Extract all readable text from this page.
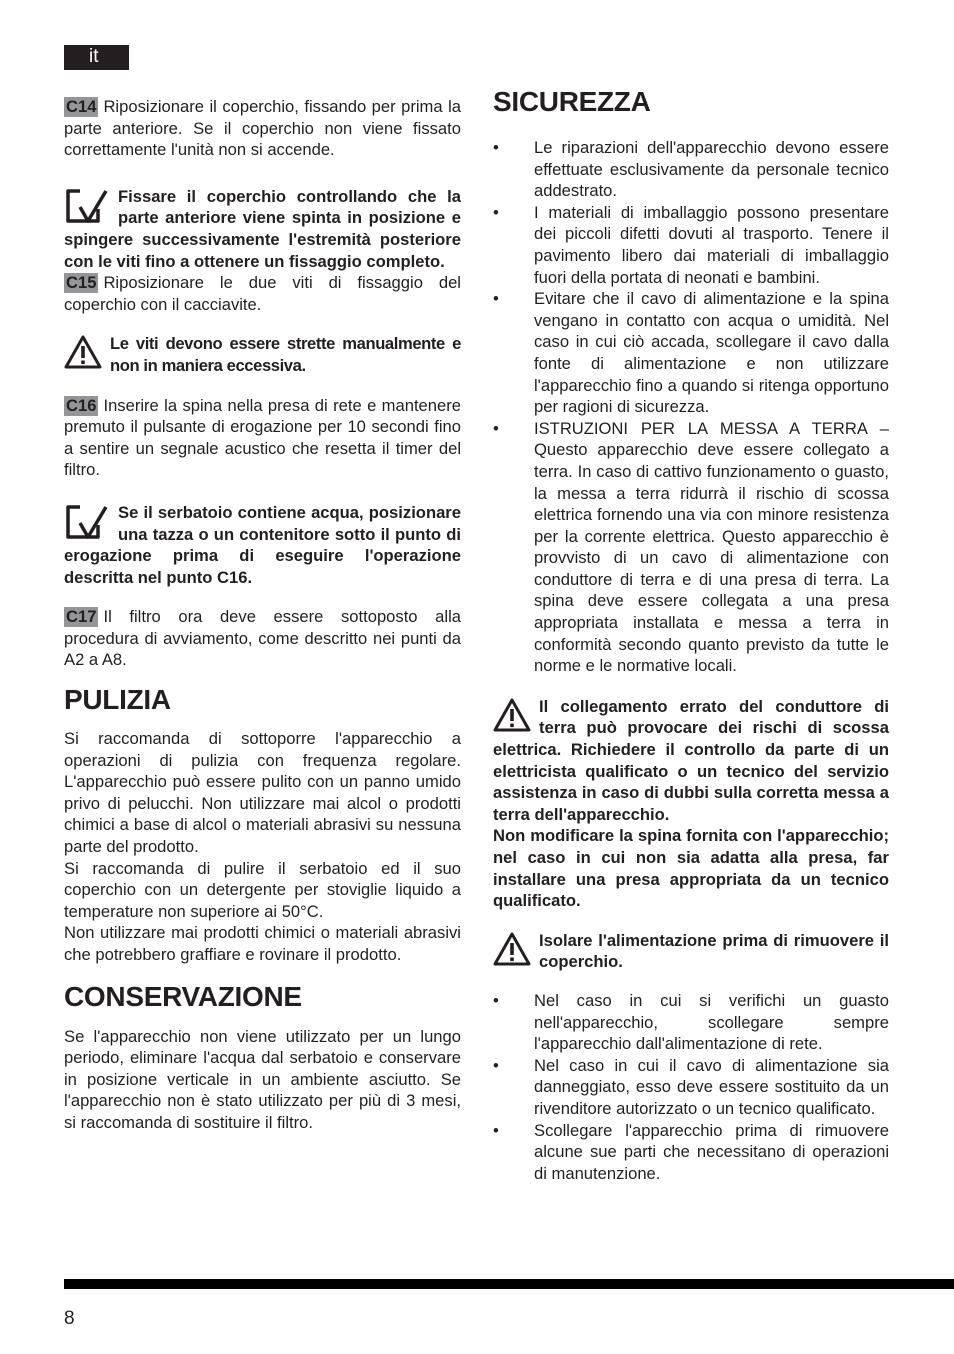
it

C14 Riposizionare il coperchio, fissando per prima la parte anteriore. Se il coperchio non viene fissato correttamente l'unità non si accende.

Fissare il coperchio controllando che la parte anteriore viene spinta in posizione e spingere successivamente l'estremità posteriore con le viti fino a ottenere un fissaggio completo.

C15 Riposizionare le due viti di fissaggio del coperchio con il cacciavite.

Le viti devono essere strette manualmente e non in maniera eccessiva.

C16 Inserire la spina nella presa di rete e mantenere premuto il pulsante di erogazione per 10 secondi fino a sentire un segnale acustico che resetta il timer del filtro.

Se il serbatoio contiene acqua, posizionare una tazza o un contenitore sotto il punto di erogazione prima di eseguire l'operazione descritta nel punto C16.

C17 Il filtro ora deve essere sottoposto alla procedura di avviamento, come descritto nei punti da A2 a A8.

PULIZIA

Si raccomanda di sottoporre l'apparecchio a operazioni di pulizia con frequenza regolare. L'apparecchio può essere pulito con un panno umido privo di pelucchi. Non utilizzare mai alcol o prodotti chimici a base di alcol o materiali abrasivi su nessuna parte del prodotto.

Si raccomanda di pulire il serbatoio ed il suo coperchio con un detergente per stoviglie liquido a temperature non superiore ai 50°C.

Non utilizzare mai prodotti chimici o materiali abrasivi che potrebbero graffiare e rovinare il prodotto.

CONSERVAZIONE

Se l'apparecchio non viene utilizzato per un lungo periodo, eliminare l'acqua dal serbatoio e conservare in posizione verticale in un ambiente asciutto. Se l'apparecchio non è stato utilizzato per più di 3 mesi, si raccomanda di sostituire il filtro.

SICUREZZA
• Le riparazioni dell'apparecchio devono essere effettuate esclusivamente da personale tecnico addestrato.
• I materiali di imballaggio possono presentare dei piccoli difetti dovuti al trasporto. Tenere il pavimento libero dai materiali di imballaggio fuori della portata di neonati e bambini.
• Evitare che il cavo di alimentazione e la spina vengano in contatto con acqua o umidità. Nel caso in cui ciò accada, scollegare il cavo dalla fonte di alimentazione e non utilizzare l'apparecchio fino a quando si ritenga opportuno per ragioni di sicurezza.
• ISTRUZIONI PER LA MESSA A TERRA – Questo apparecchio deve essere collegato a terra. In caso di cattivo funzionamento o guasto, la messa a terra ridurrà il rischio di scossa elettrica fornendo una via con minore resistenza per la corrente elettrica. Questo apparecchio è provvisto di un cavo di alimentazione con conduttore di terra e di una presa di terra. La spina deve essere collegata a una presa appropriata installata e messa a terra in conformità secondo quanto previsto da tutte le norme e le normative locali.

Il collegamento errato del conduttore di terra può provocare dei rischi di scossa elettrica. Richiedere il controllo da parte di un elettricista qualificato o un tecnico del servizio assistenza in caso di dubbi sulla corretta messa a terra dell'apparecchio.

Non modificare la spina fornita con l'apparecchio; nel caso in cui non sia adatta alla presa, far installare una presa appropriata da un tecnico qualificato.

Isolare l'alimentazione prima di rimuovere il coperchio.

• Nel caso in cui si verifichi un guasto nell'apparecchio, scollegare sempre l'apparecchio dall'alimentazione di rete.
• Nel caso in cui il cavo di alimentazione sia danneggiato, esso deve essere sostituito da un rivenditore autorizzato o un tecnico qualificato.
• Scollegare l'apparecchio prima di rimuovere alcune sue parti che necessitano di operazioni di manutenzione.
8
